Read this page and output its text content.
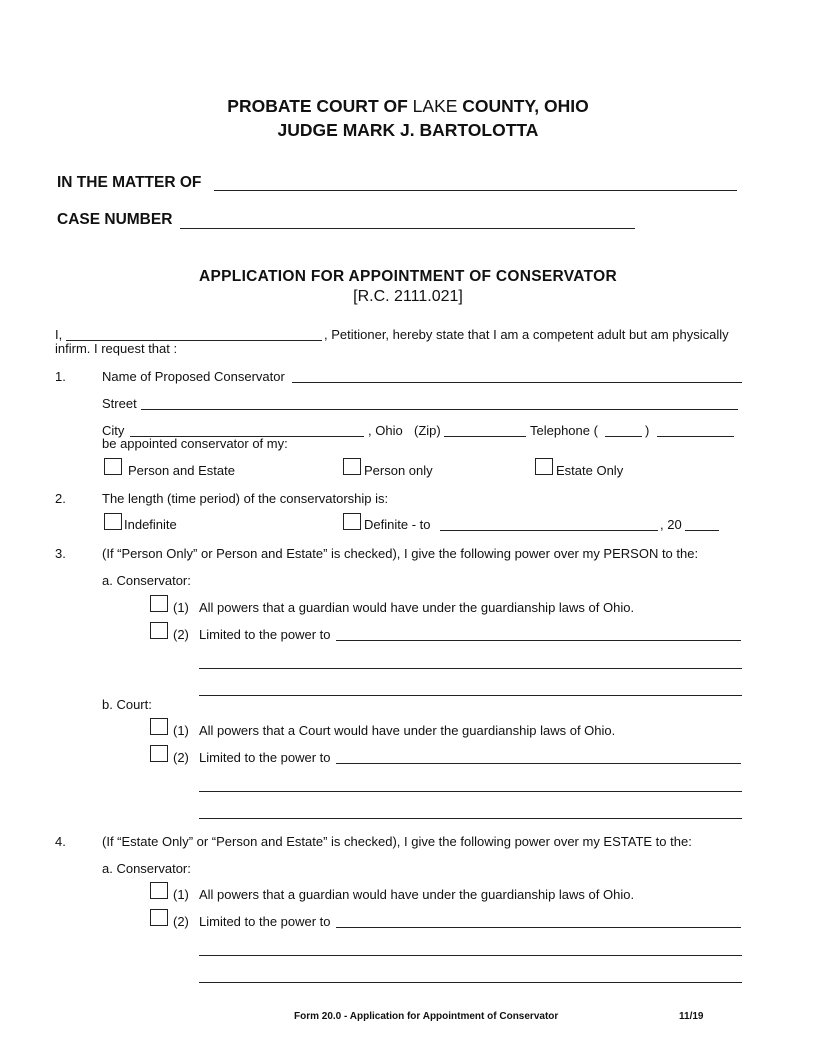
PROBATE COURT OF LAKE COUNTY, OHIO
JUDGE MARK J. BARTOLOTTA
IN THE MATTER OF
CASE NUMBER
APPLICATION FOR APPOINTMENT OF CONSERVATOR
[R.C. 2111.021]
I,	, Petitioner, hereby state that I am a competent adult but am physically
infirm. I request that :
1.	Name of Proposed Conservator
Street
City	, Ohio (Zip)	Telephone (	)
be appointed conservator of my:
Person and Estate	Person only	Estate Only
2.	The length (time period) of the conservatorship is:
Indefinite	Definite - to	, 20
3.	(If “Person Only” or Person and Estate” is checked), I give the following power over my PERSON to the:
a. Conservator:
(1) All powers that a guardian would have under the guardianship laws of Ohio.
(2) Limited to the power to
b. Court:
(1) All powers that a Court would have under the guardianship laws of Ohio.
(2) Limited to the power to
4.	(If “Estate Only” or “Person and Estate” is checked), I give the following power over my ESTATE to the:
a. Conservator:
(1) All powers that a guardian would have under the guardianship laws of Ohio.
(2) Limited to the power to
Form 20.0 - Application for Appointment of Conservator	11/19
